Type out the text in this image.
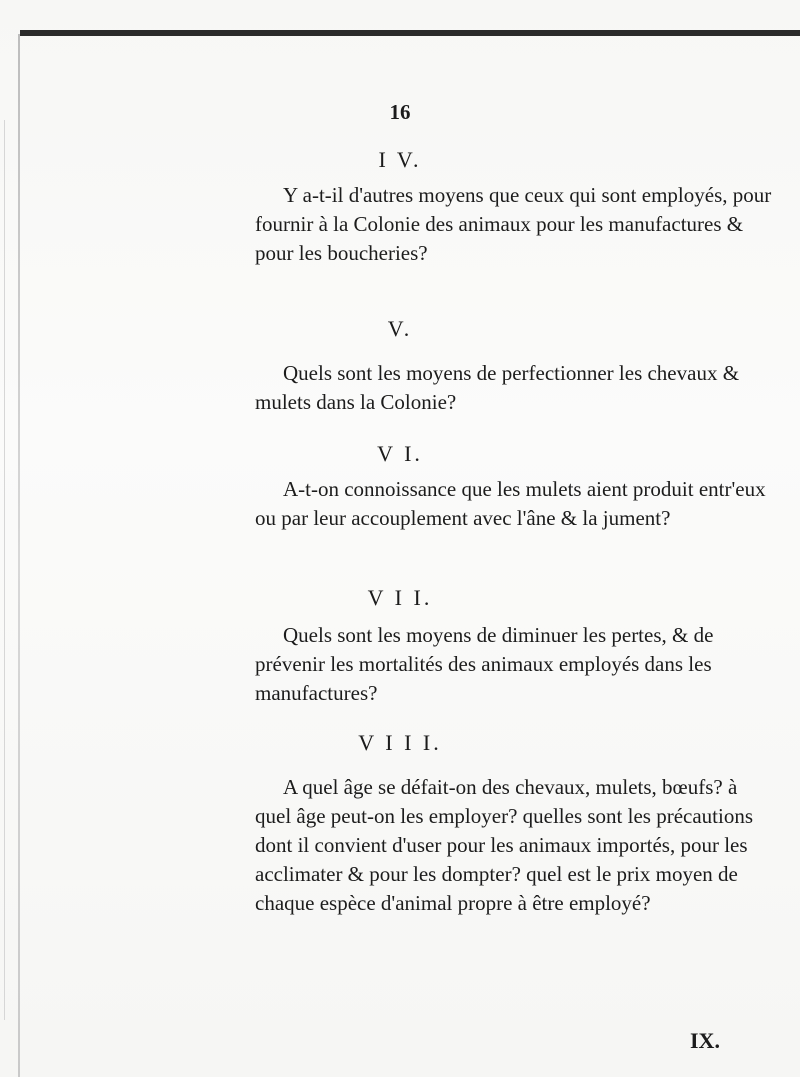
16
I V.

Y a-t-il d'autres moyens que ceux qui sont employés, pour fournir à la Colonie des animaux pour les manufactures & pour les boucheries?

V.

Quels sont les moyens de perfectionner les chevaux & mulets dans la Colonie?

V I.

A-t-on connoissance que les mulets aient produit entr'eux ou par leur accouplement avec l'âne & la jument?

V I I.

Quels sont les moyens de diminuer les pertes, & de prévenir les mortalités des animaux employés dans les manufactures?

V I I I.

A quel âge se défait-on des chevaux, mulets, bœufs? à quel âge peut-on les employer? quelles sont les précautions dont il convient d'user pour les animaux importés, pour les acclimater & pour les dompter? quel est le prix moyen de chaque espèce d'animal propre à être employé?

IX.
